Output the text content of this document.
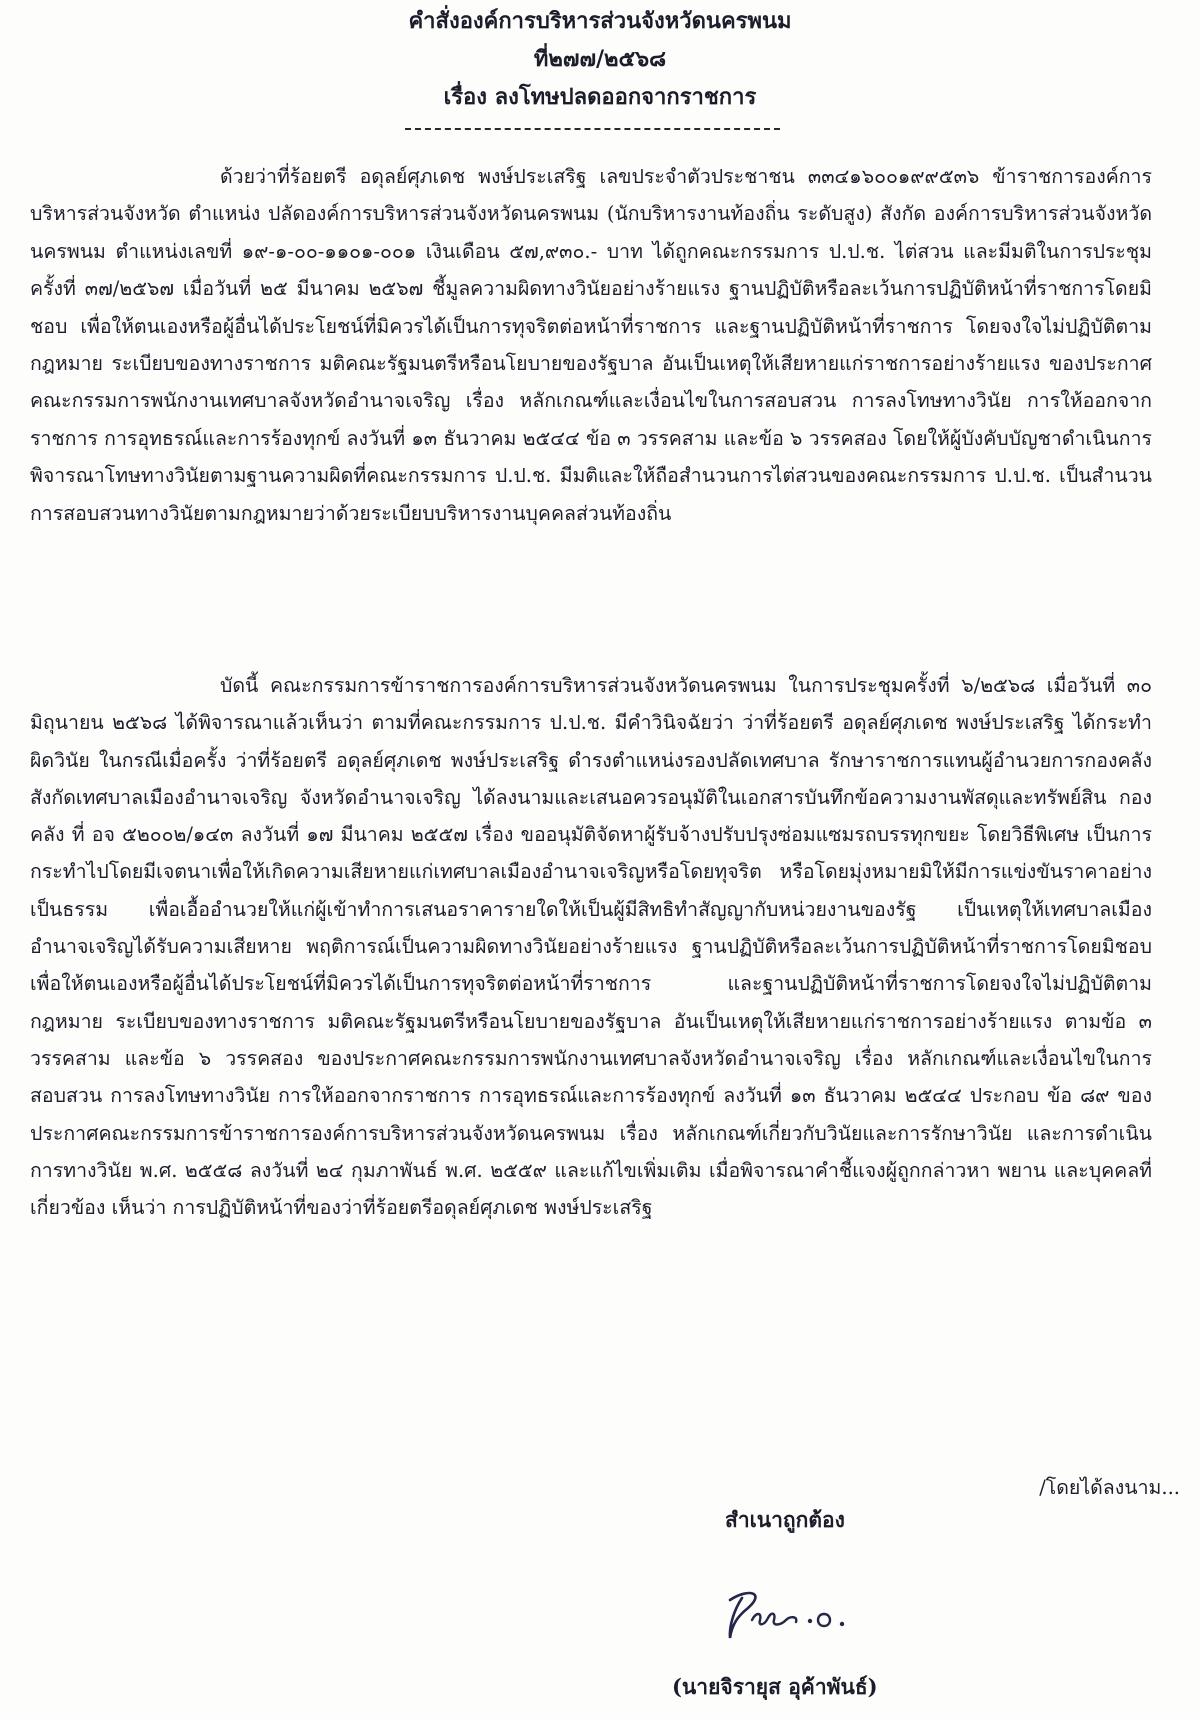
คำสั่งองค์การบริหารส่วนจังหวัดนครพนม
ที่๒๗๗/๒๕๖๘
เรื่อง ลงโทษปลดออกจากราชการ

ด้วยว่าที่ร้อยตรี อดุลย์ศุภเดช พงษ์ประเสริฐ เลขประจำตัวประชาชน ๓๓๔๑๖๐๐๑๙๙๕๓๖ ข้าราชการองค์การบริหารส่วนจังหวัด ตำแหน่ง ปลัดองค์การบริหารส่วนจังหวัดนครพนม (นักบริหารงานท้องถิ่น ระดับสูง) สังกัด องค์การบริหารส่วนจังหวัดนครพนม ตำแหน่งเลขที่ ๑๙-๑-๐๐-๑๑๐๑-๐๐๑ เงินเดือน ๕๗,๙๓๐.- บาท ได้ถูกคณะกรรมการ ป.ป.ช. ไต่สวน และมีมติในการประชุมครั้งที่ ๓๗/๒๕๖๗ เมื่อวันที่ ๒๕ มีนาคม ๒๕๖๗ ชี้มูลความผิดทางวินัยอย่างร้ายแรง ฐานปฏิบัติหรือละเว้นการปฏิบัติหน้าที่ราชการโดยมิชอบ เพื่อให้ตนเองหรือผู้อื่นได้ประโยชน์ที่มิควรได้เป็นการทุจริตต่อหน้าที่ราชการ และฐานปฏิบัติหน้าที่ราชการ โดยจงใจไม่ปฏิบัติตามกฎหมาย ระเบียบของทางราชการ มติคณะรัฐมนตรีหรือนโยบายของรัฐบาล อันเป็นเหตุให้เสียหายแก่ราชการอย่างร้ายแรง ของประกาศคณะกรรมการพนักงานเทศบาลจังหวัดอำนาจเจริญ เรื่อง หลักเกณฑ์และเงื่อนไขในการสอบสวน การลงโทษทางวินัย การให้ออกจากราชการ การอุทธรณ์และการร้องทุกข์ ลงวันที่ ๑๓ ธันวาคม ๒๕๔๔ ข้อ ๓ วรรคสาม และข้อ ๖ วรรคสอง โดยให้ผู้บังคับบัญชาดำเนินการพิจารณาโทษทางวินัยตามฐานความผิดที่คณะกรรมการ ป.ป.ช. มีมติและให้ถือสำนวนการไต่สวนของคณะกรรมการ ป.ป.ช. เป็นสำนวนการสอบสวนทางวินัยตามกฎหมายว่าด้วยระเบียบบริหารงานบุคคลส่วนท้องถิ่น

บัดนี้ คณะกรรมการข้าราชการองค์การบริหารส่วนจังหวัดนครพนม ในการประชุมครั้งที่ ๖/๒๕๖๘ เมื่อวันที่ ๓๐ มิถุนายน ๒๕๖๘ ได้พิจารณาแล้วเห็นว่า ตามที่คณะกรรมการ ป.ป.ช. มีคำวินิจฉัยว่า ว่าที่ร้อยตรี อดุลย์ศุภเดช พงษ์ประเสริฐ ได้กระทำผิดวินัย ในกรณีเมื่อครั้ง ว่าที่ร้อยตรี อดุลย์ศุภเดช พงษ์ประเสริฐ ดำรงตำแหน่งรองปลัดเทศบาล รักษาราชการแทนผู้อำนวยการกองคลัง สังกัดเทศบาลเมืองอำนาจเจริญ จังหวัดอำนาจเจริญ ได้ลงนามและเสนอควรอนุมัติในเอกสารบันทึกข้อความงานพัสดุและทรัพย์สิน กองคลัง ที่ อจ ๕๒๐๐๒/๑๔๓ ลงวันที่ ๑๗ มีนาคม ๒๕๕๗ เรื่อง ขออนุมัติจัดหาผู้รับจ้างปรับปรุงซ่อมแซมรถบรรทุกขยะ โดยวิธีพิเศษ เป็นการกระทำไปโดยมีเจตนาเพื่อให้เกิดความเสียหายแก่เทศบาลเมืองอำนาจเจริญหรือโดยทุจริต หรือโดยมุ่งหมายมิให้มีการแข่งขันราคาอย่างเป็นธรรม เพื่อเอื้ออำนวยให้แก่ผู้เข้าทำการเสนอราคารายใดให้เป็นผู้มีสิทธิทำสัญญากับหน่วยงานของรัฐ เป็นเหตุให้เทศบาลเมืองอำนาจเจริญได้รับความเสียหาย พฤติการณ์เป็นความผิดทางวินัยอย่างร้ายแรง ฐานปฏิบัติหรือละเว้นการปฏิบัติหน้าที่ราชการโดยมิชอบเพื่อให้ตนเองหรือผู้อื่นได้ประโยชน์ที่มิควรได้เป็นการทุจริตต่อหน้าที่ราชการ และฐานปฏิบัติหน้าที่ราชการโดยจงใจไม่ปฏิบัติตามกฎหมาย ระเบียบของทางราชการ มติคณะรัฐมนตรีหรือนโยบายของรัฐบาล อันเป็นเหตุให้เสียหายแก่ราชการอย่างร้ายแรง ตามข้อ ๓ วรรคสาม และข้อ ๖ วรรคสอง ของประกาศคณะกรรมการพนักงานเทศบาลจังหวัดอำนาจเจริญ เรื่อง หลักเกณฑ์และเงื่อนไขในการสอบสวน การลงโทษทางวินัย การให้ออกจากราชการ การอุทธรณ์และการร้องทุกข์ ลงวันที่ ๑๓ ธันวาคม ๒๕๔๔ ประกอบ ข้อ ๘๙ ของประกาศคณะกรรมการข้าราชการองค์การบริหารส่วนจังหวัดนครพนม เรื่อง หลักเกณฑ์เกี่ยวกับวินัยและการรักษาวินัย และการดำเนินการทางวินัย พ.ศ. ๒๕๕๘ ลงวันที่ ๒๔ กุมภาพันธ์ พ.ศ. ๒๕๕๙ และแก้ไขเพิ่มเติม เมื่อพิจารณาคำชี้แจงผู้ถูกกล่าวหา พยาน และบุคคลที่เกี่ยวข้อง เห็นว่า การปฏิบัติหน้าที่ของว่าที่ร้อยตรีอดุลย์ศุภเดช พงษ์ประเสริฐ

/โดยได้ลงนาม...
สำเนาถูกต้อง
(นายจิรายุส อุค้าพันธ์)
